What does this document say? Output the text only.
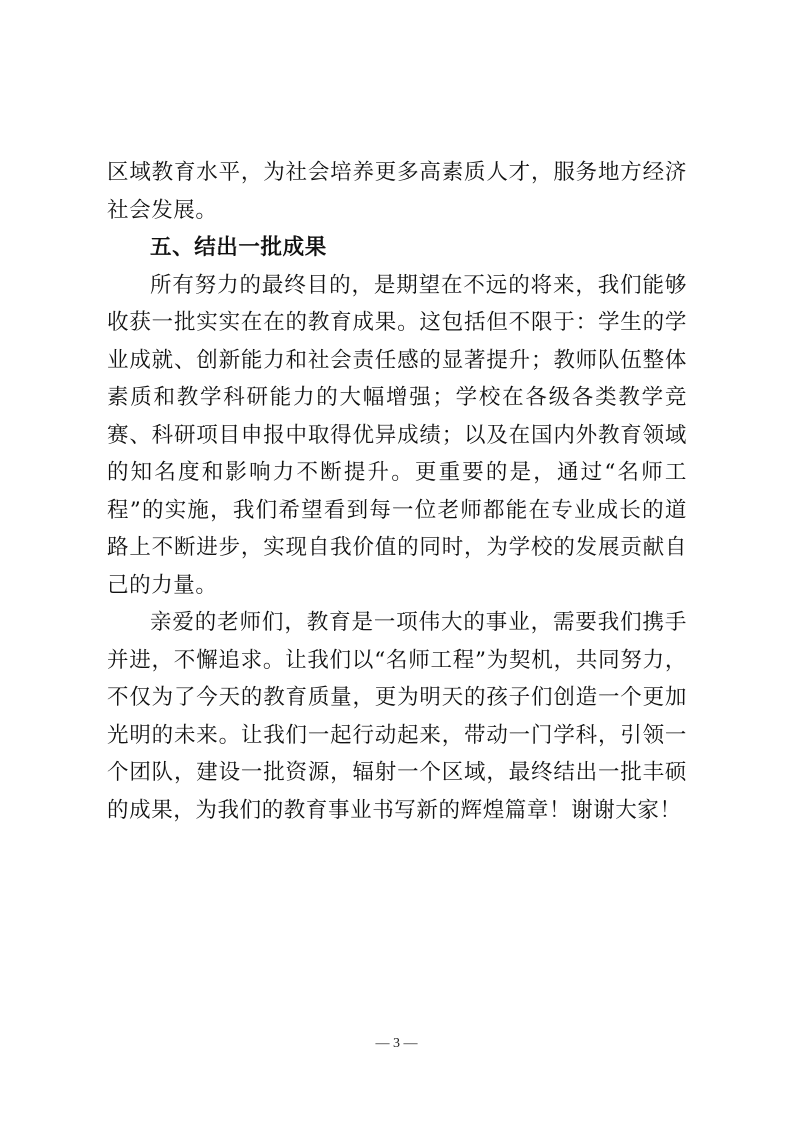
区域教育水平，为社会培养更多高素质人才，服务地方经济社会发展。

五、结出一批成果

所有努力的最终目的，是期望在不远的将来，我们能够收获一批实实在在的教育成果。这包括但不限于：学生的学业成就、创新能力和社会责任感的显著提升；教师队伍整体素质和教学科研能力的大幅增强；学校在各级各类教学竞赛、科研项目申报中取得优异成绩；以及在国内外教育领域的知名度和影响力不断提升。更重要的是，通过“名师工程”的实施，我们希望看到每一位老师都能在专业成长的道路上不断进步，实现自我价值的同时，为学校的发展贡献自己的力量。

亲爱的老师们，教育是一项伟大的事业，需要我们携手并进，不懈追求。让我们以“名师工程”为契机，共同努力，不仅为了今天的教育质量，更为明天的孩子们创造一个更加光明的未来。让我们一起行动起来，带动一门学科，引领一个团队，建设一批资源，辐射一个区域，最终结出一批丰硕的成果，为我们的教育事业书写新的辉煌篇章！谢谢大家！

— 3 —
